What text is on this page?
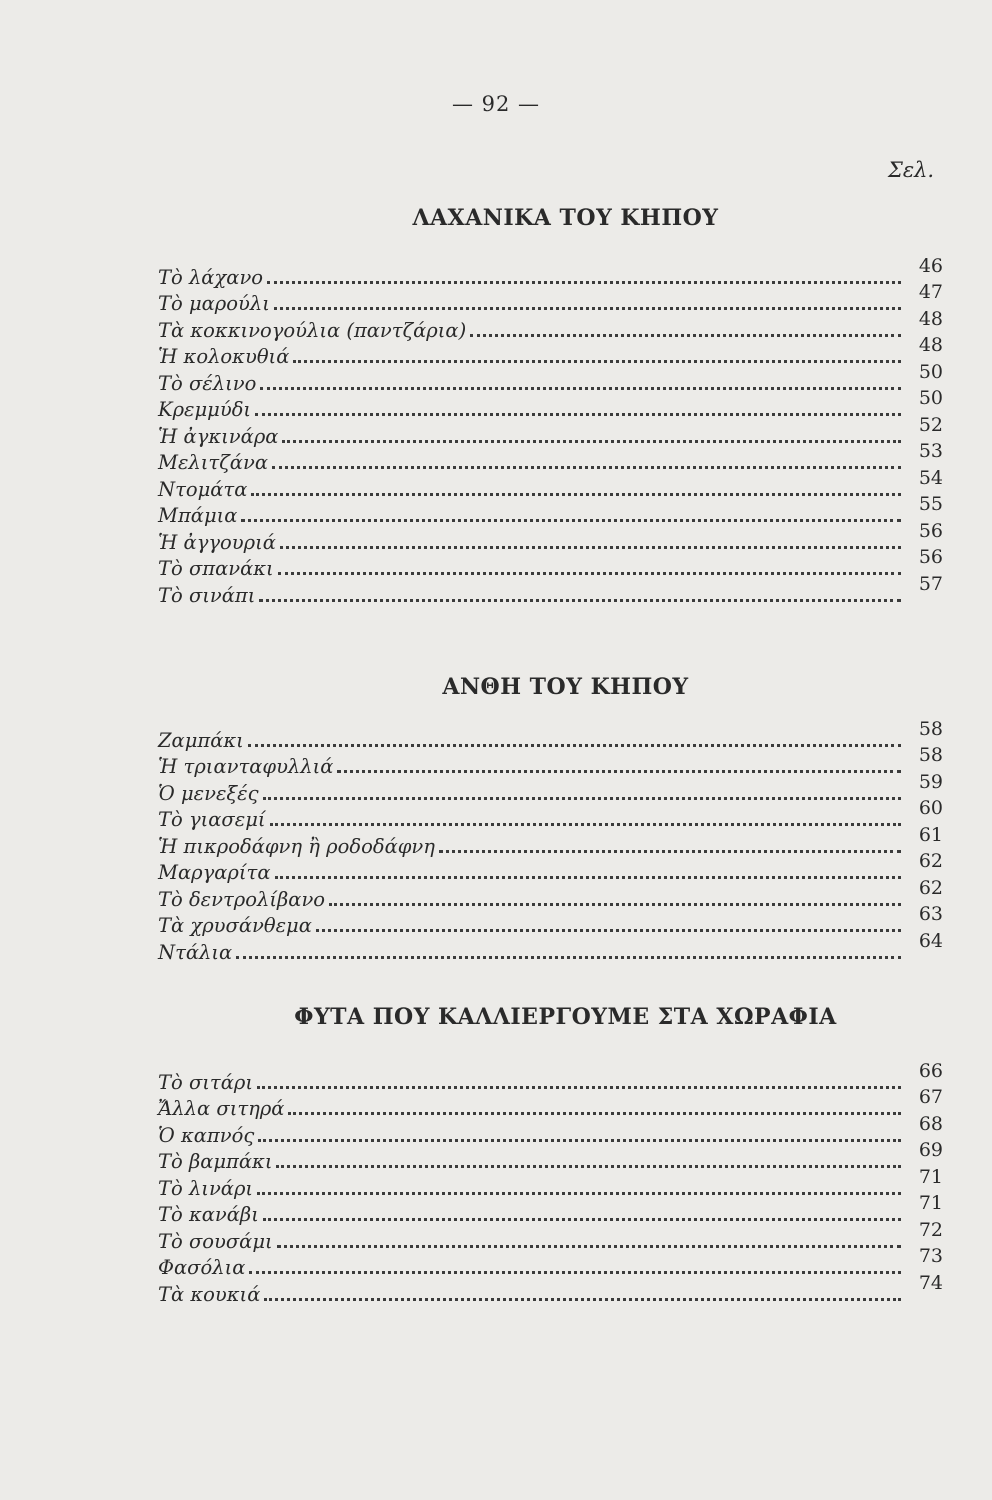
— 92 —
Σελ.
ΛΑΧΑΝΙΚΑ ΤΟΥ ΚΗΠΟΥ
Τὸ λάχανο	46
Τὸ μαρούλι	47
Τὰ κοκκινογούλια (παντζάρια)	48
Ἡ κολοκυθιά	48
Τὸ σέλινο	50
Κρεμμύδι	50
Ἡ ἀγκινάρα	52
Μελιτζάνα	53
Ντομάτα	54
Μπάμια	55
Ἡ ἀγγουριά	56
Τὸ σπανάκι	56
Τὸ σινάπι	57
ΑΝΘΗ ΤΟΥ ΚΗΠΟΥ
Ζαμπάκι	58
Ἡ τριανταφυλλιά	58
Ὁ μενεξές	59
Τὸ γιασεμί	60
Ἡ πικροδάφνη ἢ ροδοδάφνη	61
Μαργαρίτα	62
Τὸ δεντρολίβανο	62
Τὰ χρυσάνθεμα	63
Ντάλια	64
ΦΥΤΑ ΠΟΥ ΚΑΛΛΙΕΡΓΟΥΜΕ ΣΤΑ ΧΩΡΑΦΙΑ
Τὸ σιτάρι	66
Ἄλλα σιτηρά	67
Ὁ καπνός	68
Τὸ βαμπάκι	69
Τὸ λινάρι	71
Τὸ κανάβι	71
Τὸ σουσάμι	72
Φασόλια	73
Τὰ κουκιά	74
